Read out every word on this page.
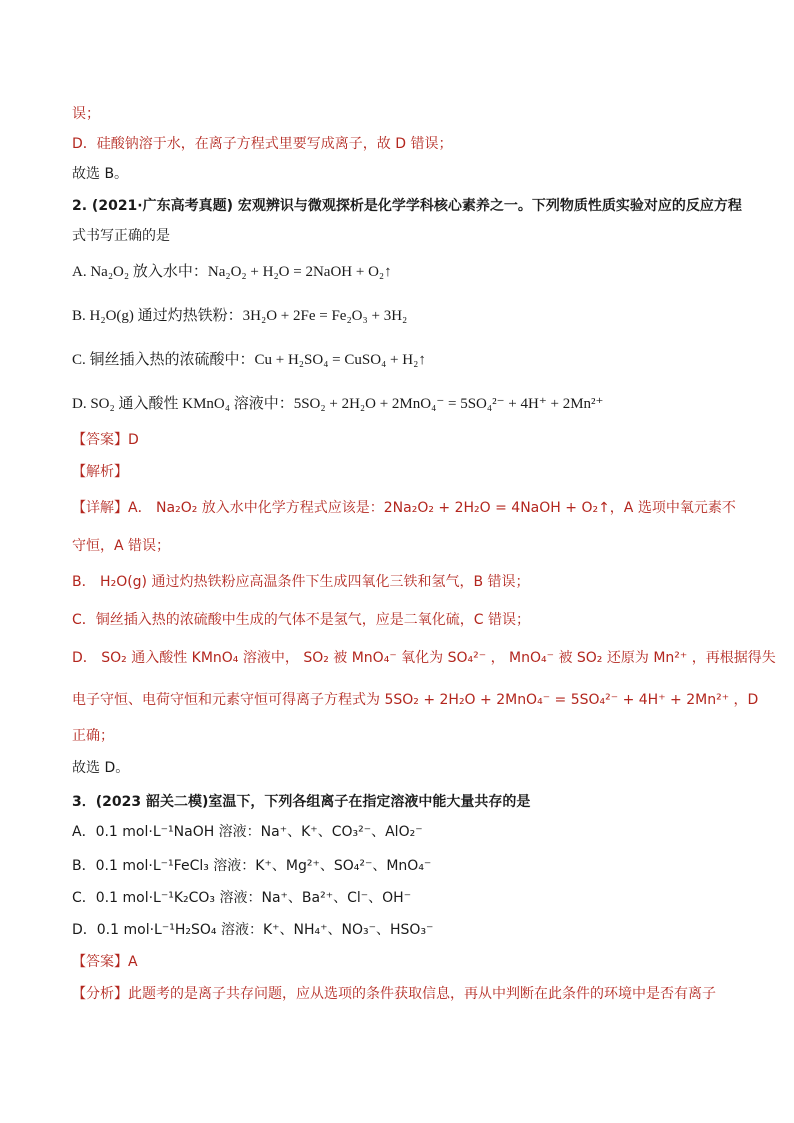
误；
D．硅酸钠溶于水，在离子方程式里要写成离子，故 D 错误；
故选 B。
2. (2021·广东高考真题) 宏观辨识与微观探析是化学学科核心素养之一。下列物质性质实验对应的反应方程
式书写正确的是
A. Na₂O₂ 放入水中：Na₂O₂ + H₂O = 2NaOH + O₂↑
B. H₂O(g) 通过灼热铁粉：3H₂O + 2Fe = Fe₂O₃ + 3H₂
C. 铜丝插入热的浓硫酸中：Cu + H₂SO₄ = CuSO₄ + H₂↑
D. SO₂ 通入酸性 KMnO₄ 溶液中：5SO₂ + 2H₂O + 2MnO₄⁻ = 5SO₄²⁻ + 4H⁺ + 2Mn²⁺
【答案】D
【解析】
【详解】A． Na₂O₂ 放入水中化学方程式应该是：2Na₂O₂ + 2H₂O = 4NaOH + O₂↑，A 选项中氧元素不
守恒，A 错误；
B． H₂O(g) 通过灼热铁粉应高温条件下生成四氧化三铁和氢气，B 错误；
C．铜丝插入热的浓硫酸中生成的气体不是氢气，应是二氧化硫，C 错误；
D． SO₂ 通入酸性 KMnO₄ 溶液中， SO₂ 被 MnO₄⁻ 氧化为 SO₄²⁻ ， MnO₄⁻ 被 SO₂ 还原为 Mn²⁺ ，再根据得失
电子守恒、电荷守恒和元素守恒可得离子方程式为 5SO₂ + 2H₂O + 2MnO₄⁻ = 5SO₄²⁻ + 4H⁺ + 2Mn²⁺ ，D
正确；
故选 D。
3．(2023 韶关二模)室温下，下列各组离子在指定溶液中能大量共存的是
A．0.1 mol·L⁻¹NaOH 溶液：Na⁺、K⁺、CO₃²⁻、AlO₂⁻
B．0.1 mol·L⁻¹FeCl₃ 溶液：K⁺、Mg²⁺、SO₄²⁻、MnO₄⁻
C．0.1 mol·L⁻¹K₂CO₃ 溶液：Na⁺、Ba²⁺、Cl⁻、OH⁻
D．0.1 mol·L⁻¹H₂SO₄ 溶液：K⁺、NH₄⁺、NO₃⁻、HSO₃⁻
【答案】A
【分析】此题考的是离子共存问题，应从选项的条件获取信息，再从中判断在此条件的环境中是否有离子
